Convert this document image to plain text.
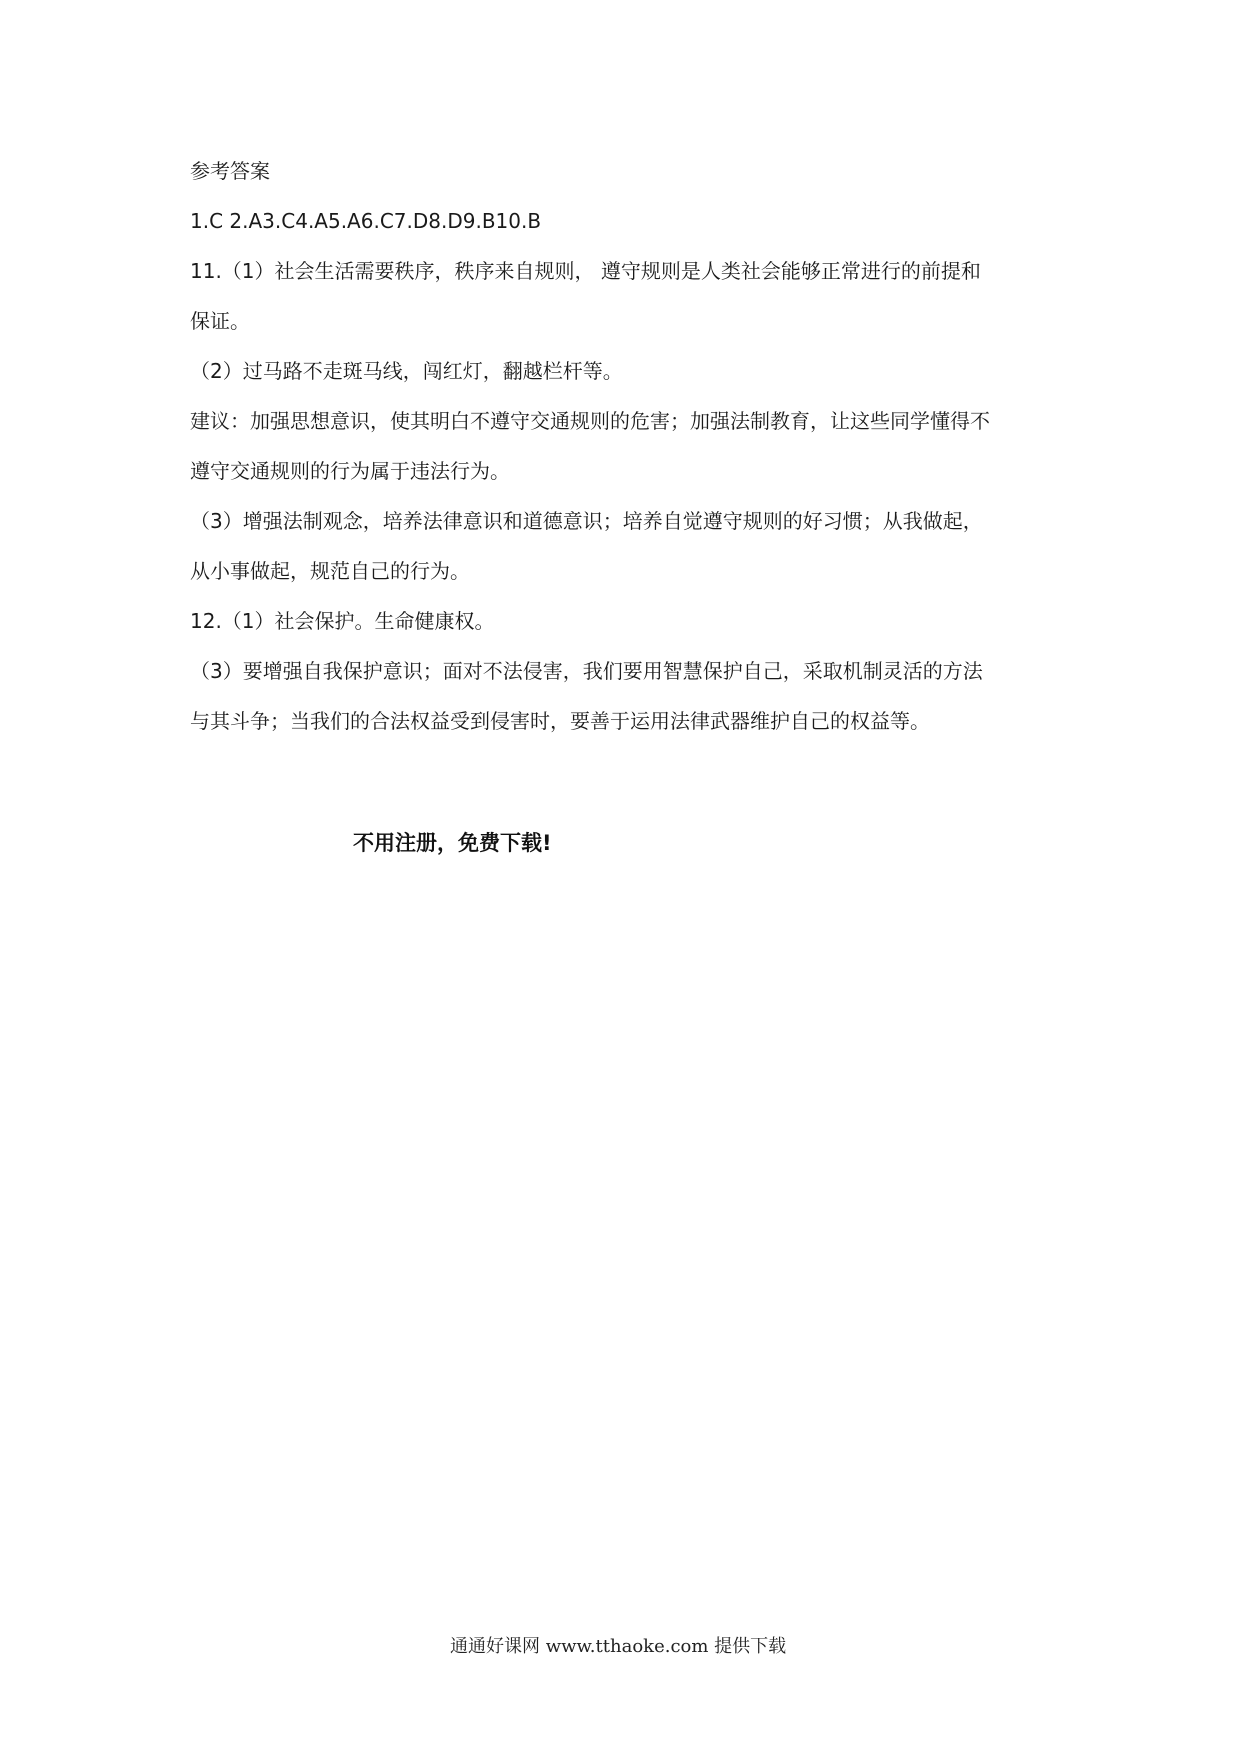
参考答案

1.C 2.A3.C4.A5.A6.C7.D8.D9.B10.B

11.（1）社会生活需要秩序，秩序来自规则， 遵守规则是人类社会能够正常进行的前提和

保证。

（2）过马路不走斑马线，闯红灯，翻越栏杆等。

建议：加强思想意识，使其明白不遵守交通规则的危害；加强法制教育，让这些同学懂得不

遵守交通规则的行为属于违法行为。

（3）增强法制观念，培养法律意识和道德意识；培养自觉遵守规则的好习惯；从我做起，

从小事做起，规范自己的行为。

12.（1）社会保护。生命健康权。

（3）要增强自我保护意识；面对不法侵害，我们要用智慧保护自己，采取机制灵活的方法

与其斗争；当我们的合法权益受到侵害时，要善于运用法律武器维护自己的权益等。

不用注册，免费下载!
通通好课网 www.tthaoke.com 提供下载
